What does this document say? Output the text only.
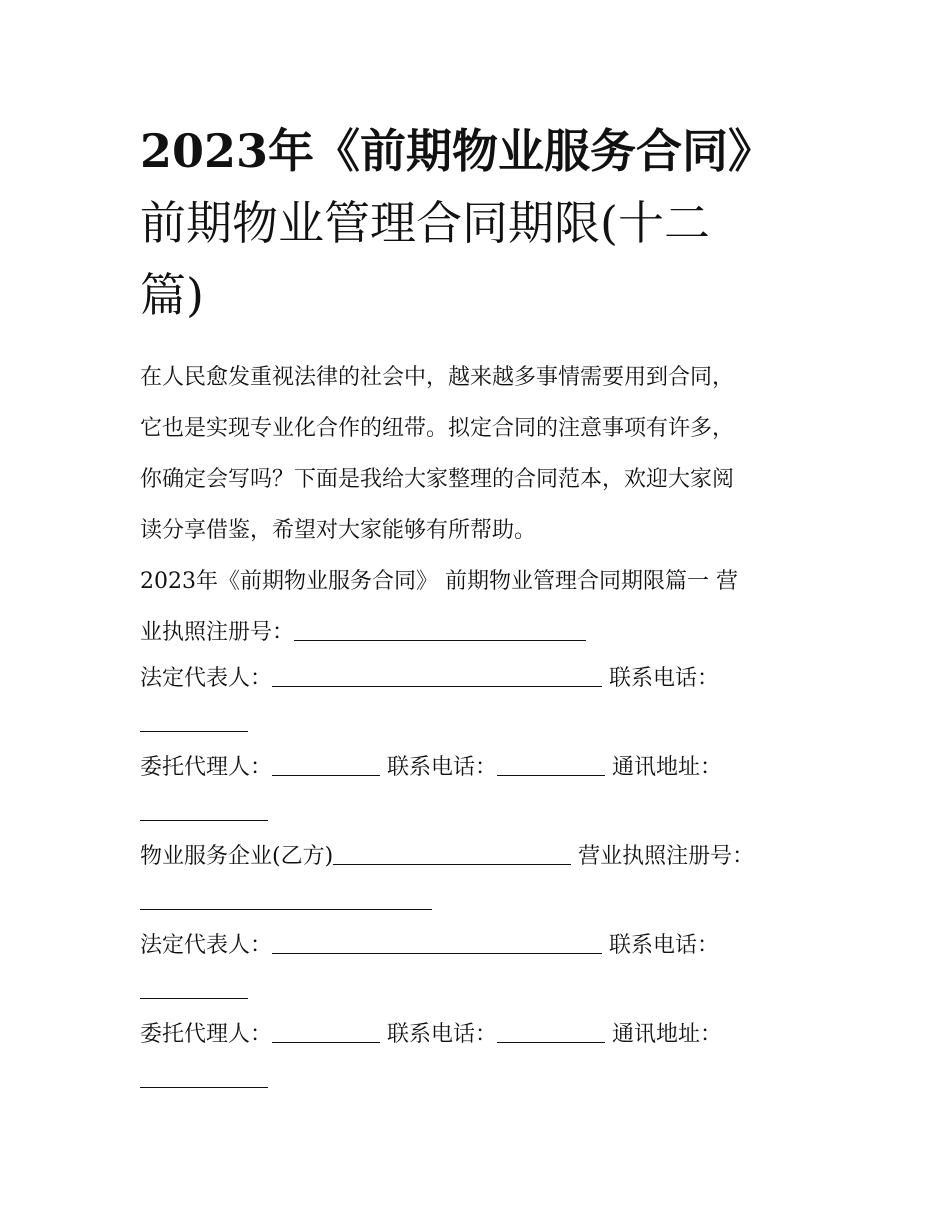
2023年《前期物业服务合同》
前期物业管理合同期限(十二
篇)
在人民愈发重视法律的社会中，越来越多事情需要用到合同，
它也是实现专业化合作的纽带。拟定合同的注意事项有许多，
你确定会写吗？下面是我给大家整理的合同范本，欢迎大家阅
读分享借鉴，希望对大家能够有所帮助。
2023年《前期物业服务合同》 前期物业管理合同期限篇一 营
业执照注册号：
法定代表人：	联系电话：
委托代理人：	联系电话：	通讯地址：
物业服务企业(乙方)	营业执照注册号：
法定代表人：	联系电话：
委托代理人：	联系电话：	通讯地址：
